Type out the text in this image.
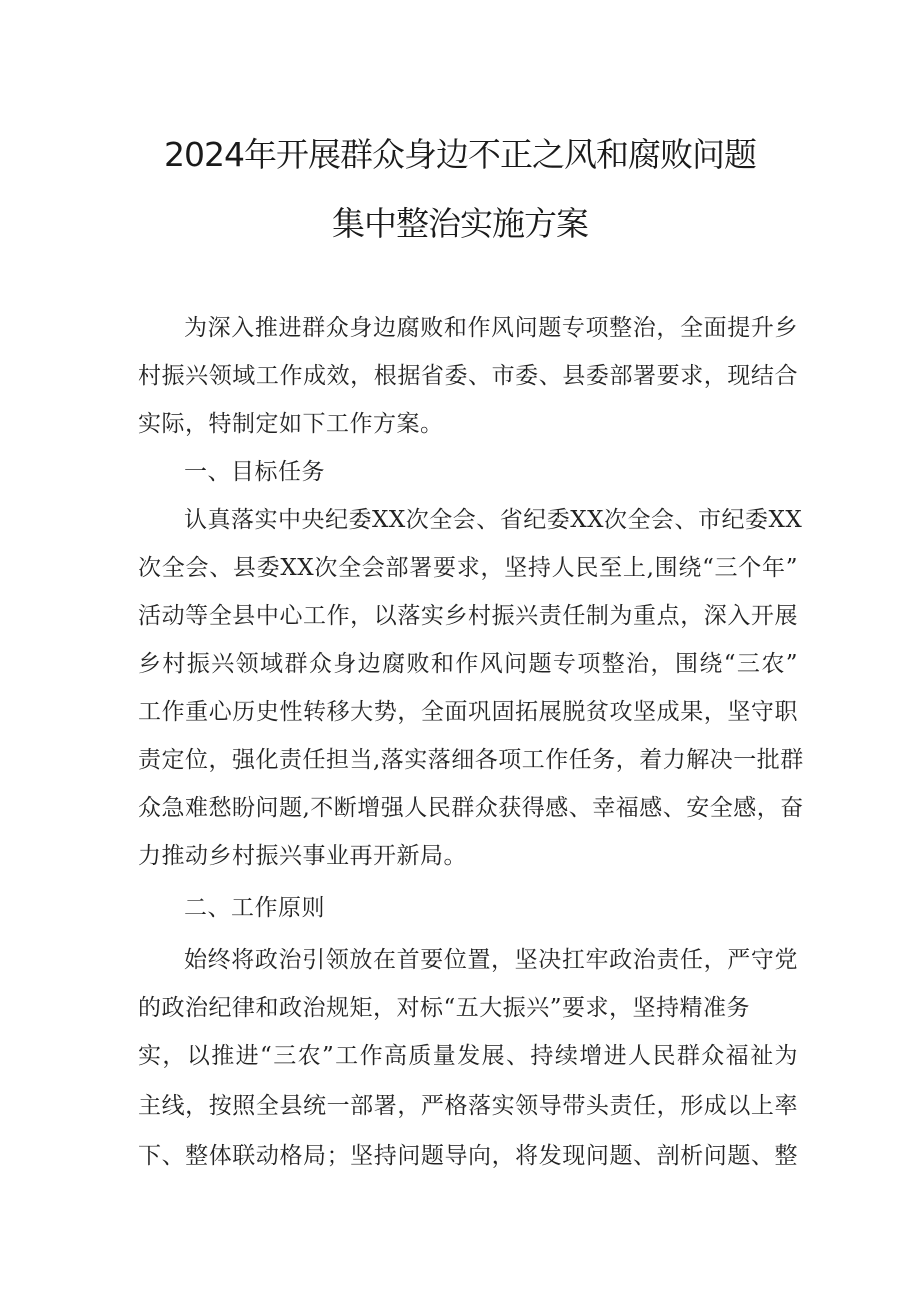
2024年开展群众身边不正之风和腐败问题
集中整治实施方案
为深入推进群众身边腐败和作风问题专项整治，全面提升乡
村振兴领域工作成效，根据省委、市委、县委部署要求，现结合
实际，特制定如下工作方案。
一、目标任务
认真落实中央纪委XX次全会、省纪委XX次全会、市纪委XX
次全会、县委XX次全会部署要求，坚持人民至上,围绕“三个年”
活动等全县中心工作，以落实乡村振兴责任制为重点，深入开展
乡村振兴领域群众身边腐败和作风问题专项整治，围绕“三农”
工作重心历史性转移大势，全面巩固拓展脱贫攻坚成果，坚守职
责定位，强化责任担当,落实落细各项工作任务，着力解决一批群
众急难愁盼问题,不断增强人民群众获得感、幸福感、安全感，奋
力推动乡村振兴事业再开新局。
二、工作原则
始终将政治引领放在首要位置，坚决扛牢政治责任，严守党
的政治纪律和政治规矩，对标“五大振兴”要求，坚持精准务
实，以推进“三农”工作高质量发展、持续增进人民群众福祉为
主线，按照全县统一部署，严格落实领导带头责任，形成以上率
下、整体联动格局；坚持问题导向，将发现问题、剖析问题、整
